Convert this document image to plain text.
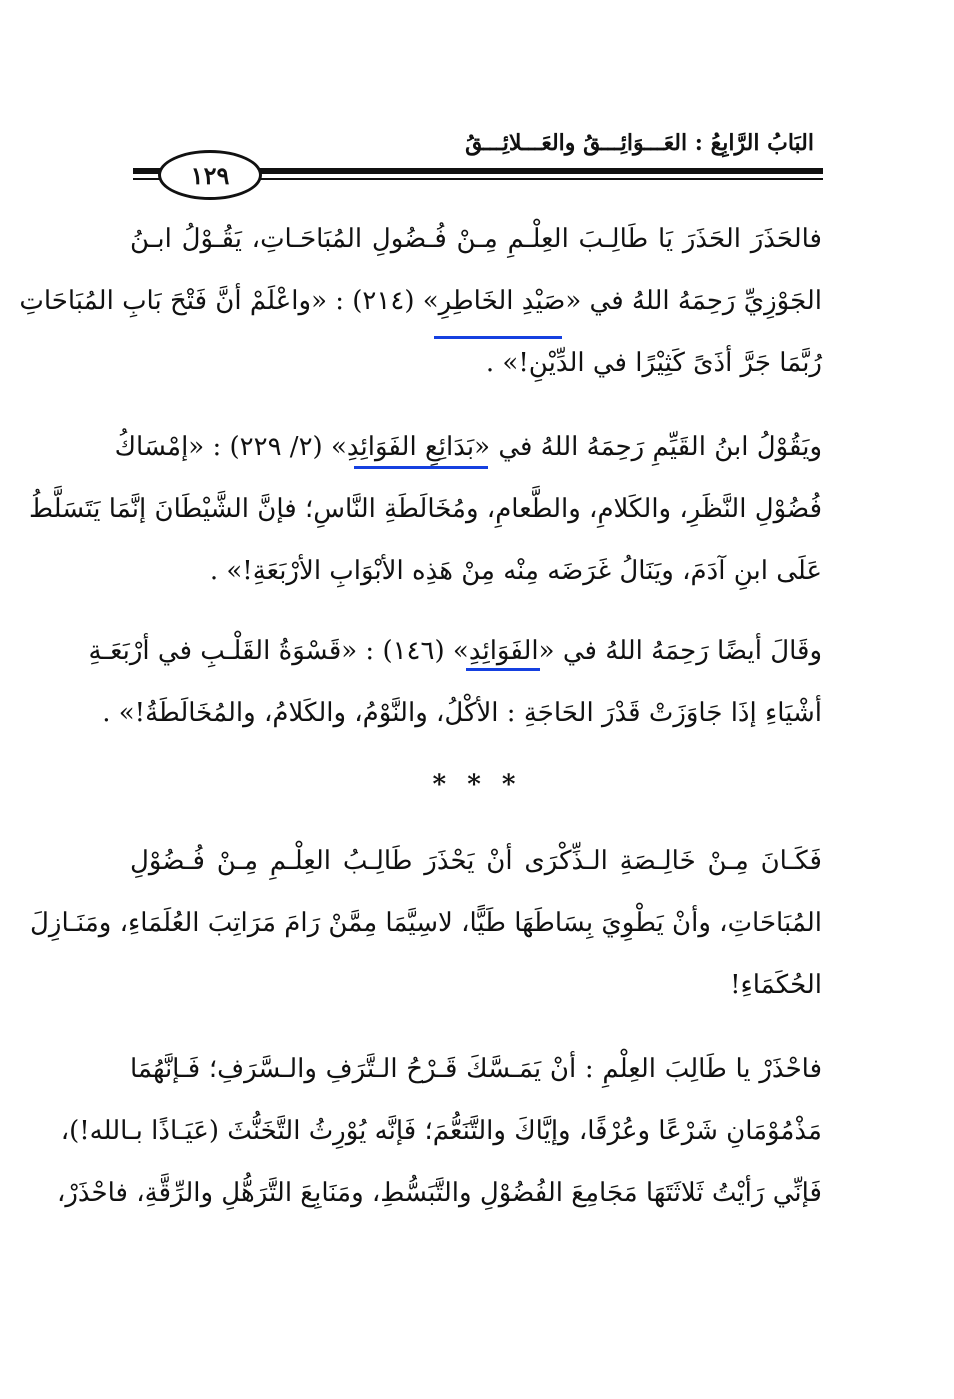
البَابُ الرَّابِعُ : العَـــوَائِـــقُ والعَـــلائِـــقُ
١٢٩
فالحَذَرَ الحَذَرَ يَا طَالِـبَ العِلْـمِ مِـنْ فُـضُولِ المُبَاحَـاتِ، يَقُـوْلُ ابـنُ
الجَوْزِيِّ رَحِمَهُ اللهُ في «صَيْدِ الخَاطِرِ» (٢١٤) : «واعْلَمْ أنَّ فَتْحَ بَابِ المُبَاحَاتِ
رُبَّمَا جَرَّ أذَىً كَثِيْرًا في الدِّيْنِ!» .
ويَقُوْلُ ابنُ القَيِّمِ رَحِمَهُ اللهُ في «بَدَائِعِ الفَوَائِدِ» (٢/ ٢٢٩) : «إمْسَاكُ
فُضُوْلِ النَّظَرِ، والكَلامِ، والطَّعامِ، ومُخَالَطَةِ النَّاسِ؛ فإنَّ الشَّيْطَانَ إنَّمَا يَتَسَلَّطُ
عَلَى ابنِ آدَمَ، ويَنَالُ غَرَضَه مِنْه مِنْ هَذِه الأبْوَابِ الأرْبَعَةِ!» .
وقَالَ أيضًا رَحِمَهُ اللهُ في «الفَوَائِدِ» (١٤٦) : «قَسْوَةُ القَلْـبِ في أرْبَعَـةِ
أشْيَاءِ إذَا جَاوَزَتْ قَدْرَ الحَاجَةِ : الأكْلُ، والنَّوْمُ، والكَلامُ، والمُخَالَطَةُ!» .
* * *
فَكَـانَ مِـنْ خَالِـصَةِ الـذِّكْرَى أنْ يَحْذَرَ طَالِـبُ العِلْـمِ مِـنْ فُـضُوْلِ
المُبَاحَاتِ، وأنْ يَطْوِيَ بِسَاطَهَا طَيًّا، لاسِيَّمَا مِمَّنْ رَامَ مَرَاتِبَ العُلَمَاءِ، ومَنَـازِلَ
الحُكَمَاءِ!
فاحْذَرْ يا طَالِبَ العِلْمِ : أنْ يَمَـسَّكَ قَـرْحُ الـتَّرَفِ والـسَّرَفِ؛ فَـإنَّهُمَا
مَذْمُوْمَانِ شَرْعًا وعُرْفًا، وإيَّاكَ والتَّنَعُّمَ؛ فَإنَّه يُوْرِثُ التَّخَنُّثَ (عَيَـاذًا بـالله!)،
فَإنِّي رَأيْتُ ثَلاثَتَهَا مَجَامِعَ الفُضُوْلِ والتَّبَسُّطِ، ومَنَابِعَ التَّرَهُّلِ والرِّقَّةِ، فاحْذَرْ،
